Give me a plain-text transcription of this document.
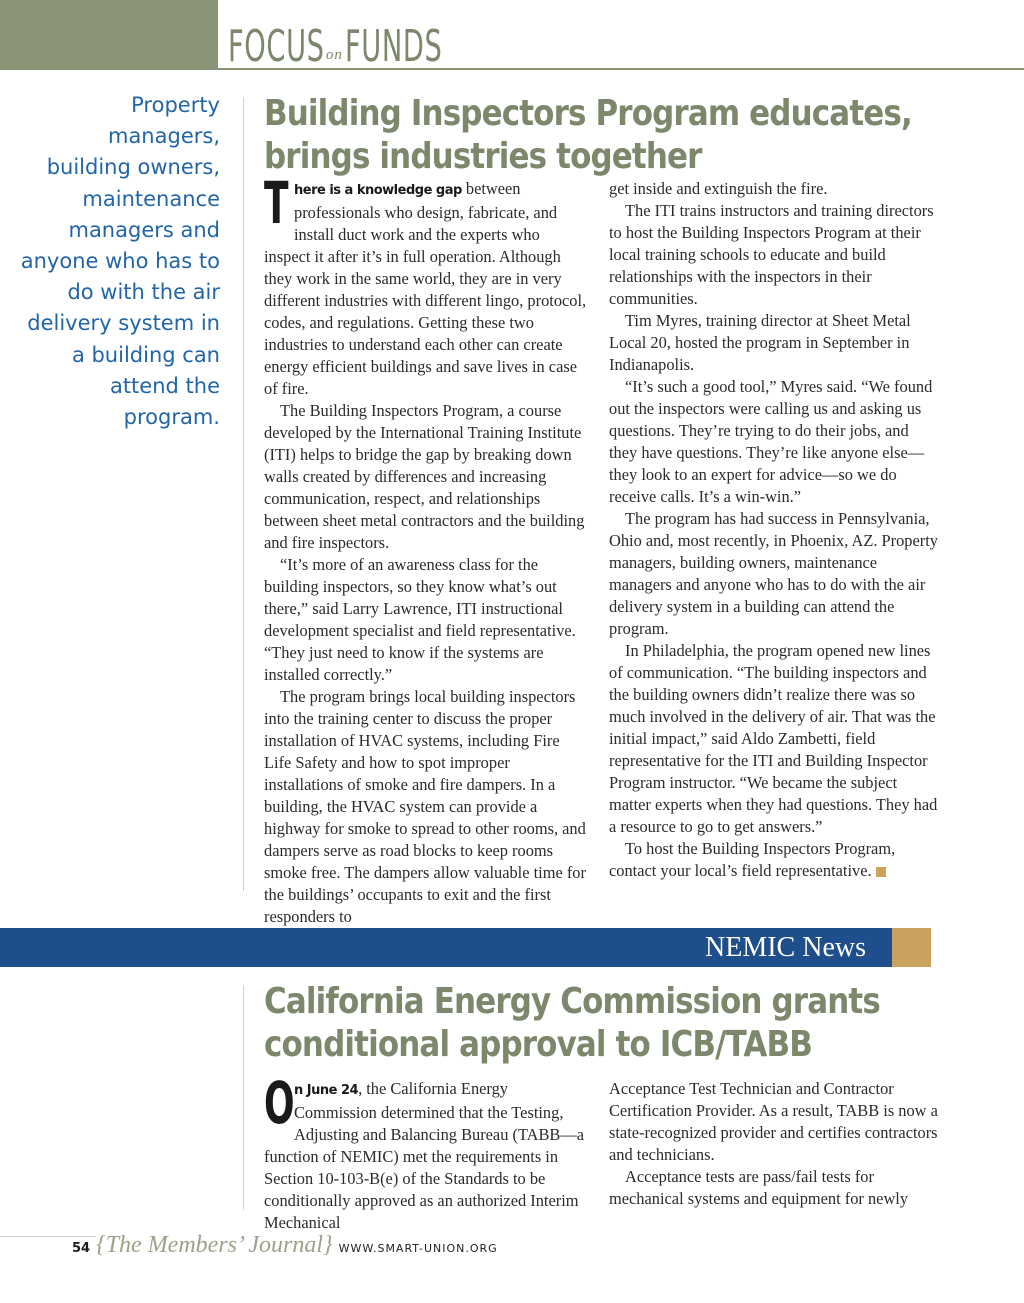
FOCUS on FUNDS
Property managers, building owners, maintenance managers and anyone who has to do with the air delivery system in a building can attend the program.
Building Inspectors Program educates,
brings industries together

There is a knowledge gap between professionals who design, fabricate, and install duct work and the experts who inspect it after it’s in full operation. Although they work in the same world, they are in very different industries with different lingo, protocol, codes, and regulations. Getting these two industries to understand each other can create energy efficient buildings and save lives in case of fire.

The Building Inspectors Program, a course developed by the International Training Institute (ITI) helps to bridge the gap by breaking down walls created by differences and increasing communication, respect, and relationships between sheet metal contractors and the building and fire inspectors.

“It’s more of an awareness class for the building inspectors, so they know what’s out there,” said Larry Lawrence, ITI instructional development specialist and field representative. “They just need to know if the systems are installed correctly.”

The program brings local building inspectors into the training center to discuss the proper installation of HVAC systems, including Fire Life Safety and how to spot improper installations of smoke and fire dampers. In a building, the HVAC system can provide a highway for smoke to spread to other rooms, and dampers serve as road blocks to keep rooms smoke free. The dampers allow valuable time for the buildings’ occupants to exit and the first responders to

get inside and extinguish the fire.

The ITI trains instructors and training directors to host the Building Inspectors Program at their local training schools to educate and build relationships with the inspectors in their communities.

Tim Myres, training director at Sheet Metal Local 20, hosted the program in September in Indianapolis.

“It’s such a good tool,” Myres said. “We found out the inspectors were calling us and asking us questions. They’re trying to do their jobs, and they have questions. They’re like anyone else—they look to an expert for advice—so we do receive calls. It’s a win-win.”

The program has had success in Pennsylvania, Ohio and, most recently, in Phoenix, AZ. Property managers, building owners, maintenance managers and anyone who has to do with the air delivery system in a building can attend the program.

In Philadelphia, the program opened new lines of communication. “The building inspectors and the building owners didn’t realize there was so much involved in the delivery of air. That was the initial impact,” said Aldo Zambetti, field representative for the ITI and Building Inspector Program instructor. “We became the subject matter experts when they had questions. They had a resource to go to get answers.”

To host the Building Inspectors Program, contact your local’s field representative.

NEMIC News
California Energy Commission grants
conditional approval to ICB/TABB

On June 24, the California Energy Commission determined that the Testing, Adjusting and Balancing Bureau (TABB—a function of NEMIC) met the requirements in Section 10-103-B(e) of the Standards to be conditionally approved as an authorized Interim Mechanical

Acceptance Test Technician and Contractor Certification Provider. As a result, TABB is now a state-recognized provider and certifies contractors and technicians.

Acceptance tests are pass/fail tests for mechanical systems and equipment for newly

54 {The Members’ Journal} WWW.SMART-UNION.ORG
